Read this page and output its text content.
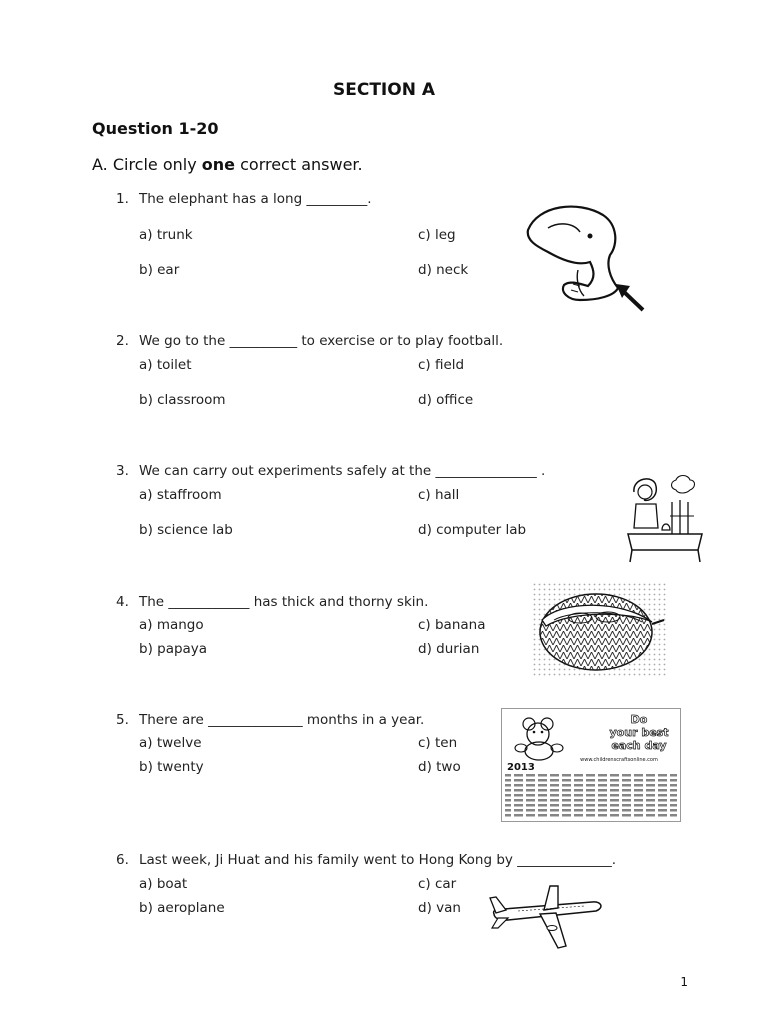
SECTION A
Question 1-20
A. Circle only one correct answer.
1. The elephant has a long _________.
a) trunk	c) leg
b) ear	d) neck
2. We go to the __________ to exercise or to play football.
a) toilet	c) field
b) classroom	d) office
3. We can carry out experiments safely at the _______________ .
a) staffroom	c) hall
b) science lab	d) computer lab
4. The ____________ has thick and thorny skin.
a) mango	c) banana
b) papaya	d) durian
5. There are ______________ months in a year.
a) twelve	c) ten
b) twenty	d) two
Do
your best
each day
www.childrenscraftsonline.com
2013
6. Last week, Ji Huat and his family went to Hong Kong by ______________.
a) boat	c) car
b) aeroplane	d) van
1
